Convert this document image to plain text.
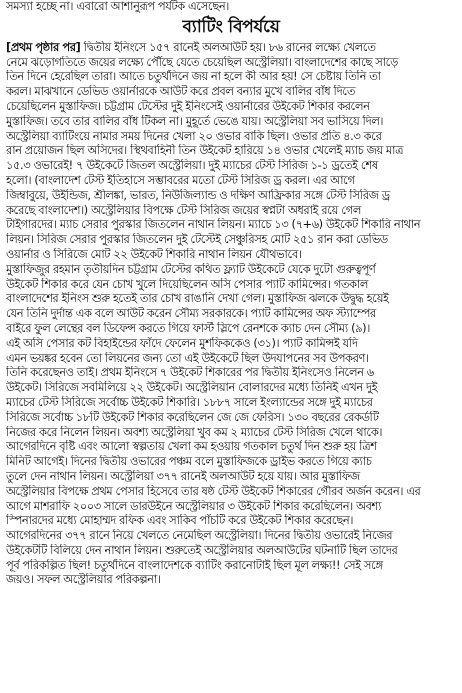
সমস্যা হচ্ছে না। এবারো আশানুরূপ পর্যটক এসেছেন।
ব্যাটিং বিপর্যয়ে
[প্রথম পৃষ্ঠার পর] দ্বিতীয় ইনিংসে ১৫৭ রানেই অলআউট হয়। ৮৬ রানের লক্ষ্যে খেলতে
নেমে ঝড়োগতিতে জয়ের লক্ষ্যে পৌঁছে যেতে চেয়েছিল অস্ট্রেলিয়া। বাংলাদেশের কাছে সাড়ে
তিন দিনে হেরেছিল তারা। আতে চতুর্থদিনে জয় না হলে কী আর হয়! সে চেষ্টায় তিনি তা
করল। মাঝখানে ডেভিড ওয়ার্নারকে আউট করে প্রবল বন্যার মুখে বালির বাঁধ দিতে
চেয়েছিলেন মুস্তাফিজ। চট্টগ্রাম টেস্টের দুই ইনিংসেই ওয়ার্নারের উইকেট শিকার করলেন
মুস্তাফিজ। তবে তার বালির বাঁধ টিকল না। মুহূর্তে ভেঙে যায়। অস্ট্রেলিয়া সব ভাসিয়ে দিল।
অস্ট্রেলিয়া ব্যাটিংয়ে নামার সময় দিনের খেলা ২০ ওভার বাকি ছিল। ওভার প্রতি ৪.৩ করে
রান প্রয়োজন ছিল অসিদের। স্থিথবাহিনী তিন উইকেট হারিয়ে ১৪ ওভার খেলেই ম্যাচ জয় মাত্র
১৫.৩ ওভারেই! ৭ উইকেটে জিতল অস্ট্রেলিয়া। দুই ম্যাচের টেস্ট সিরিজ ১-১ ড্রতেই শেষ
হলো। (বাংলাদেশ টেস্ট ইতিহাসে সম্ভাবরের মতো টেস্ট সিরিজ ড্র করল। এর আগে
জিম্বাবুয়ে, উইন্ডিজ, শ্রীলঙ্কা, ভারত, নিউজিল্যান্ড ও দক্ষিণ আফ্রিকার সঙ্গে টেস্ট সিরিজ ড্র
করেছে বাংলাদেশ।) অস্ট্রেলিয়ার বিপক্ষে টেস্ট সিরিজ জয়ের স্বপ্নটা অধরাই রয়ে গেল
টাইগারদের। ম্যাচ সেরার পুরস্কার জিতলেন নাথান লিয়ন। ম্যাচে ১৩ (৭+৬) উইকেট শিকারি নাথান
লিয়ন। সিরিজ সেরার পুরস্কার জিতলেন দুই টেস্টেই সেঞ্চুরিসহ মোট ২৫১ রান করা ডেভিড
ওয়ার্নার ও সিরিজে মোট ২২ উইকেট শিকারি নাথান লিয়ন যৌথভাবে।
মুস্তাফিজুর রহমান তৃতীয়দিন চট্টগ্রাম টেস্টের কথিত ফ্ল্যাট উইকেটে যেকে দুটো গুরুত্বপূর্ণ
উইকেট শিকার করে যেন চোখ খুলে দিয়েছিলেন অসি পেসার প্যাট কামিন্সের। গতকাল
বাংলাদেশের ইনিংস শুরু হতেই তার চোখ রাঙানি দেখা গেল। মুস্তাফিজ ঝলকে উদ্বুদ্ধ হয়েই
যেন তিনি দুর্দান্ত এক বলে আউট করেন সৌম্য সরকারকে। প্যাট কামিন্সের অফ স্ট্যাম্পের
বাইরে ফুল লেন্থের বল ডিফেন্স করতে গিয়ে ফার্স্ট স্লিপে রেনশকে ক্যাচ দেন সৌম্য (৯)।
এই অসি পেসার কট বিহাইন্ডের ফাঁদে ফেলেন মুশফিককেও (৩১)। প্যাট কামিন্সই যদি
এমন ভয়ঙ্কর হবেন তো লিয়নের জন্য তো এই উইকেটে ছিল উদযাপনের সব উপকরণ।
তিনি করেছেনও তাই। প্রথম ইনিংসে ৭ উইকেট শিকারের পর দ্বিতীয় ইনিংসেও নিলেন ৬
উইকেট। সিরিজে সবমিলিয়ে ২২ উইকেট। অস্ট্রেলিয়ান বোলারদের মধ্যে তিনিই এখন দুই
ম্যাচের টেস্ট সিরিজে সর্বোচ্চ উইকেট শিকারি। ১৮৮৭ সালে ইংল্যান্ডের সঙ্গে দুই ম্যাচের
সিরিজে সর্বোচ্চ ১৮টি উইকেট শিকার করেছিলেন জে জে ফেরিস। ১৩০ বছরের রেকর্ডটি
নিজের করে নিলেন লিয়ন। অবশ্য অস্ট্রেলিয়া খুব কম ২ ম্যাচের টেস্ট সিরিজ খেলে থাকে।
আগেরদিনে বৃষ্টি এবং আলো স্বল্পতায় খেলা কম হওয়ায় গতকাল চতুর্থ দিন শুরু হয় ত্রিশ
মিনিট আগেই। দিনের দ্বিতীয় ওভারের পঞ্চম বলে মুস্তাফিজকে ড্রাইভ করতে গিয়ে ক্যাচ
তুলে দেন নাথান লিয়ন। অস্ট্রেলিয়া ৩৭৭ রানেই অলআউট হয়ে যায়। আর মুস্তাফিজ
অস্ট্রেলিয়ার বিপক্ষে প্রথম পেসার হিসেবে তার ষষ্ঠ টেস্ট উইকেট শিকারের গৌরব অর্জন করেন। এর
আগে মাশরাফি ২০০৩ সালে ডারউইনে অস্ট্রেলিয়ার ৩ উইকেট শিকার করেছিলেন। অবশ্য
স্পিনারদের মধ্যে মোহাম্মদ রফিক এবং সাকিব পাঁচটি করে উইকেট শিকার করেছেন।
আগেরদিনের ৩৭৭ রানে নিয়ে খেলতে নেমেছিল অস্ট্রেলিয়া। দিনের দ্বিতীয় ওভারেই নিজের
উইকেটটি বিলিয়ে দেন নাথান লিয়ন। শুরুতেই অস্ট্রেলিয়ার অলআউটের ঘটনাটি ছিল তাদের
পূর্ব পরিকল্পিত ছিল! চতুর্থদিনে বাংলাদেশকে ব্যাটিং করানোটাই ছিল মূল লক্ষ্য!! সেই সঙ্গে
জয়ও। সফল অস্ট্রেলিয়ার পরিকল্পনা।
